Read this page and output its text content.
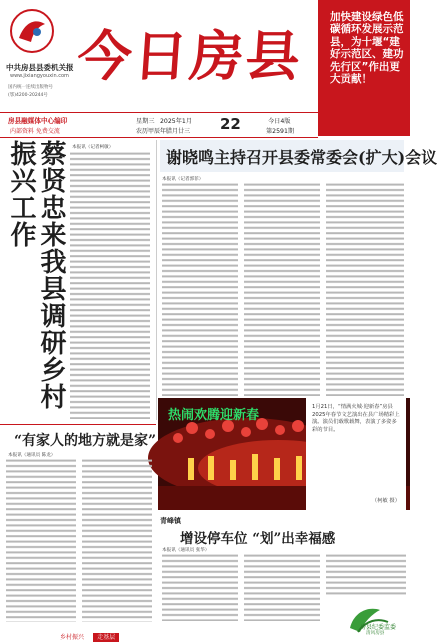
中共房县县委机关报
www.jixiangyouxin.com
国内统一连续出版物号
(鄂)4200-20244号
今日房县
加快建设绿色低碳循环发展示范县，为十堰“建好示范区、建功先行区”作出更大贡献！
房县融媒体中心编印
内部资料 免费交流
星期三 2025年1月
农历甲辰年腊月廿三 22	今日4版
第2591期
蔡贤忠来我县调研乡村振兴工作	本报讯（记者柯敏）
谢晓鸣主持召开县委常委会(扩大)会议
本报讯（记者郭菲）
热闹欢腾迎新春
1月21日，“情满火城·迎新春”房县2025年春节文艺演出在县广场精彩上演。演员们载歌载舞，表演了多姿多彩的节目。
（柯敏 摄）
“有家人的地方就是家”
本报讯（通讯员 陈龙）
乡村振兴 走基层
青峰镇
增设停车位 “划”出幸福感
本报讯（通讯员 张华）
房县纪委监委
清风房县
